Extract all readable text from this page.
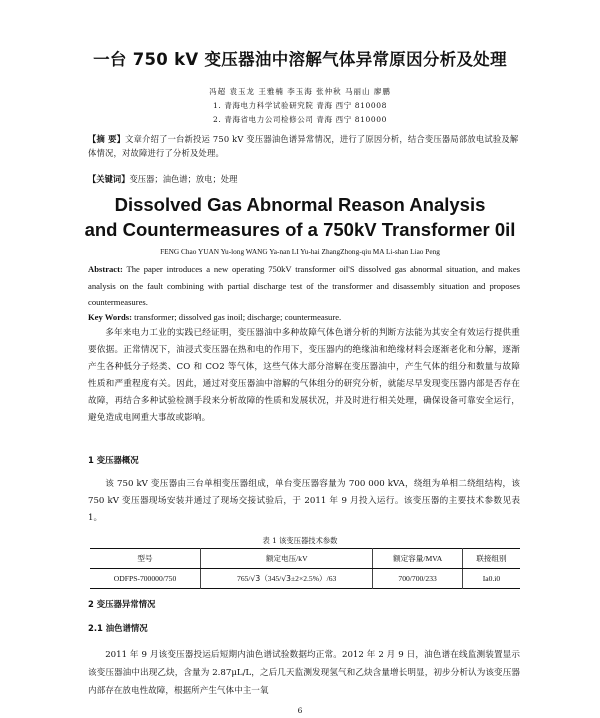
一台 750 kV 变压器油中溶解气体异常原因分析及处理
冯超 袁玉龙 王雅楠 李玉海 张仲秋 马丽山 廖鹏
1. 青海电力科学试验研究院 青海 西宁 810008
2. 青海省电力公司检修公司 青海 西宁 810000
【摘 要】文章介绍了一台新投运 750 kV 变压器油色谱异常情况，进行了原因分析，结合变压器局部放电试验及解体情况，对故障进行了分析及处理。
【关键词】变压器；油色谱；放电；处理
Dissolved Gas Abnormal Reason Analysis
and Countermeasures of a 750kV Transformer 0il
FENG Chao YUAN Yu-long WANG Ya-nan LI Yu-hai ZhangZhong-qiu MA Li-shan Liao Peng
Abstract: The paper introduces a new operating 750kV transformer oil'S dissolved gas abnormal situation, and makes analysis on the fault combining with partial discharge test of the transformer and disassembly situation and proposes countermeasures.
Key Words: transformer; dissolved gas inoil; discharge; countermeasure.

多年来电力工业的实践已经证明，变压器油中多种故障气体色谱分析的判断方法能为其安全有效运行提供重要依据。正常情况下，油浸式变压器在热和电的作用下，变压器内的绝缘油和绝缘材料会逐渐老化和分解，逐渐产生各种低分子烃类、CO 和 CO2 等气体，这些气体大部分溶解在变压器油中，产生气体的组分和数量与故障性质和严重程度有关。因此，通过对变压器油中溶解的气体组分的研究分析，就能尽早发现变压器内部是否存在故障，再结合多种试验检测手段来分析故障的性质和发展状况，并及时进行相关处理，确保设备可靠安全运行，避免造成电网重大事故或影响。

1 变压器概况

该 750 kV 变压器由三台单相变压器组成，单台变压器容量为 700 000 kVA，绕组为单相二绕组结构，该 750 kV 变压器现场安装并通过了现场交接试验后，于 2011 年 9 月投入运行。该变压器的主要技术参数见表 1。

表 1 该变压器技术参数
型号	额定电压/kV	额定容量/MVA	联接组别
ODFPS-700000/750	765/√3（345/√3±2×2.5%）/63	700/700/233	Ia0.i0
2 变压器异常情况
2.1 油色谱情况

2011 年 9 月该变压器投运后短期内油色谱试验数据均正常。2012 年 2 月 9 日，油色谱在线监测装置显示该变压器油中出现乙炔，含量为 2.87μL/L，之后几天监测发现氢气和乙炔含量增长明显，初步分析认为该变压器内部存在放电性故障，根据所产生气体中主一氧

6
